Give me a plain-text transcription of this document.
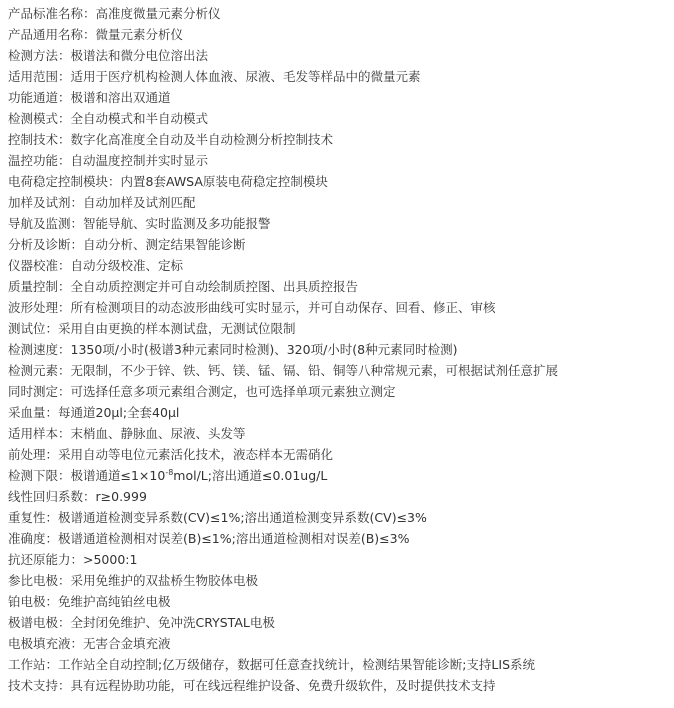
产品标准名称：高准度微量元素分析仪
产品通用名称：微量元素分析仪
检测方法：极谱法和微分电位溶出法
适用范围：适用于医疗机构检测人体血液、尿液、毛发等样品中的微量元素
功能通道：极谱和溶出双通道
检测模式：全自动模式和半自动模式
控制技术：数字化高准度全自动及半自动检测分析控制技术
温控功能：自动温度控制并实时显示
电荷稳定控制模块：内置8套AWSA原装电荷稳定控制模块
加样及试剂：自动加样及试剂匹配
导航及监测：智能导航、实时监测及多功能报警
分析及诊断：自动分析、测定结果智能诊断
仪器校准：自动分级校准、定标
质量控制：全自动质控测定并可自动绘制质控图、出具质控报告
波形处理：所有检测项目的动态波形曲线可实时显示，并可自动保存、回看、修正、审核
测试位：采用自由更换的样本测试盘，无测试位限制
检测速度：1350项/小时(极谱3种元素同时检测)、320项/小时(8种元素同时检测)
检测元素：无限制，不少于锌、铁、钙、镁、锰、镉、铅、铜等八种常规元素，可根据试剂任意扩展
同时测定：可选择任意多项元素组合测定，也可选择单项元素独立测定
采血量：每通道20μl;全套40μl
适用样本：末梢血、静脉血、尿液、头发等
前处理：采用自动等电位元素活化技术，液态样本无需硝化
检测下限：极谱通道$\le 1\times 10^{-8}mol/L$;溶出通道≤0.01ug/L
线性回归系数：r≥0.999
重复性：极谱通道检测变异系数(CV)≤1%;溶出通道检测变异系数(CV)≤3%
准确度：极谱通道检测相对误差(B)≤1%;溶出通道检测相对误差(B)≤3%
抗还原能力：>5000:1
参比电极：采用免维护的双盐桥生物胶体电极
铂电极：免维护高纯铂丝电极
极谱电极：全封闭免维护、免冲洗CRYSTAL电极
电极填充液：无害合金填充液
工作站：工作站全自动控制;亿万级储存，数据可任意查找统计，检测结果智能诊断;支持LIS系统
技术支持：具有远程协助功能，可在线远程维护设备、免费升级软件，及时提供技术支持
